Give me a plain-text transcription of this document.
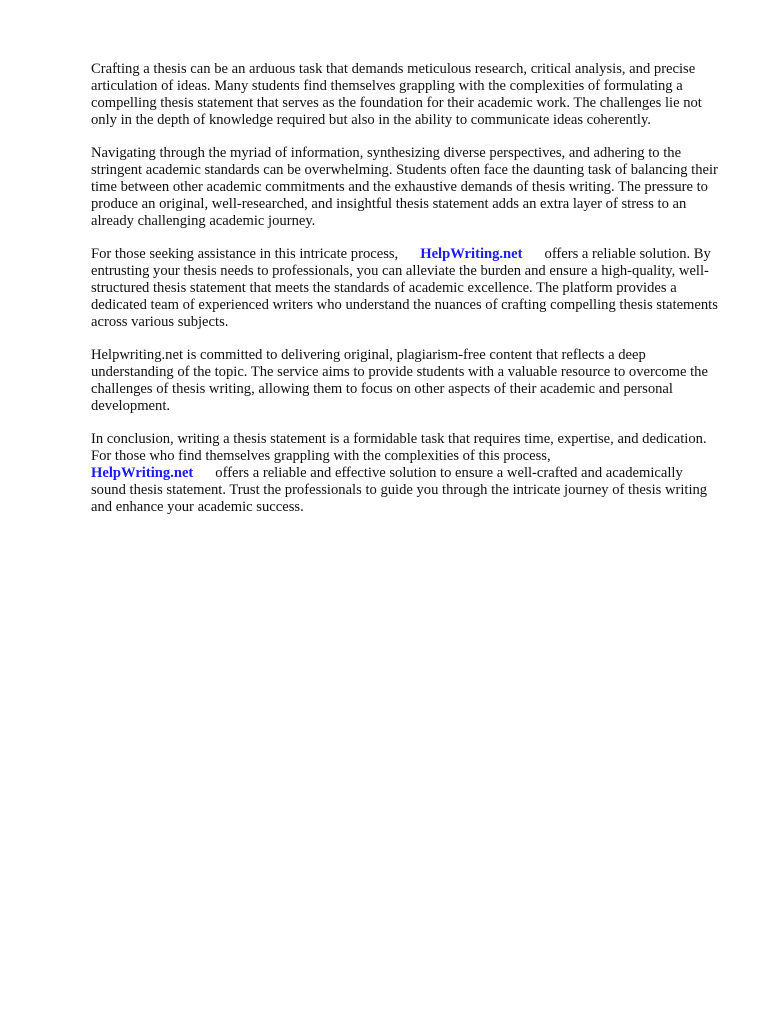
Crafting a thesis can be an arduous task that demands meticulous research, critical analysis, and precise articulation of ideas. Many students find themselves grappling with the complexities of formulating a compelling thesis statement that serves as the foundation for their academic work. The challenges lie not only in the depth of knowledge required but also in the ability to communicate ideas coherently.

Navigating through the myriad of information, synthesizing diverse perspectives, and adhering to the stringent academic standards can be overwhelming. Students often face the daunting task of balancing their time between other academic commitments and the exhaustive demands of thesis writing. The pressure to produce an original, well-researched, and insightful thesis statement adds an extra layer of stress to an already challenging academic journey.

For those seeking assistance in this intricate process, HelpWriting.net offers a reliable solution. By entrusting your thesis needs to professionals, you can alleviate the burden and ensure a high-quality, well-structured thesis statement that meets the standards of academic excellence. The platform provides a dedicated team of experienced writers who understand the nuances of crafting compelling thesis statements across various subjects.

Helpwriting.net is committed to delivering original, plagiarism-free content that reflects a deep understanding of the topic. The service aims to provide students with a valuable resource to overcome the challenges of thesis writing, allowing them to focus on other aspects of their academic and personal development.

In conclusion, writing a thesis statement is a formidable task that requires time, expertise, and dedication. For those who find themselves grappling with the complexities of this process,
HelpWriting.net offers a reliable and effective solution to ensure a well-crafted and academically sound thesis statement. Trust the professionals to guide you through the intricate journey of thesis writing and enhance your academic success.
